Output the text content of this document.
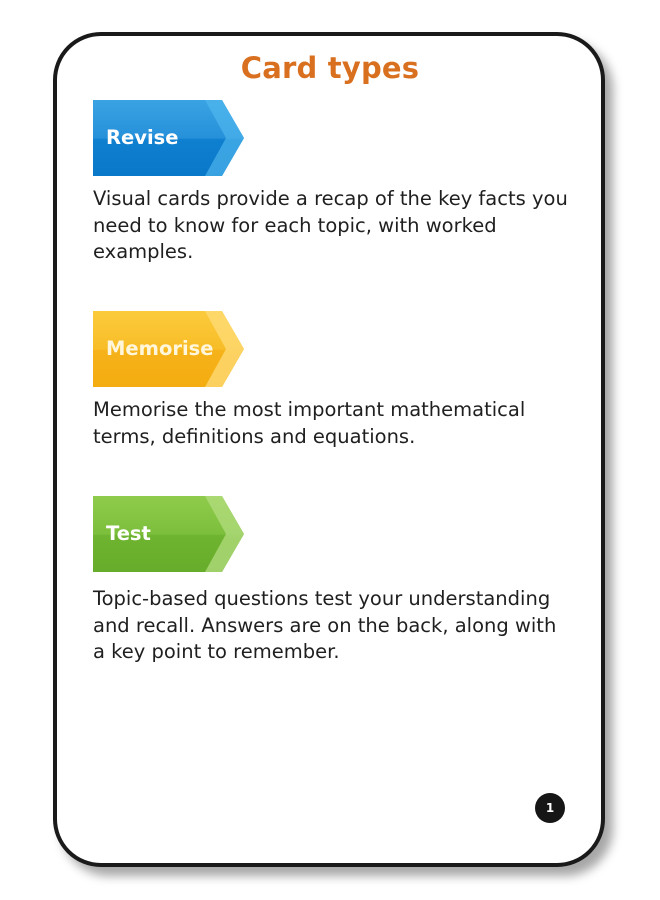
Card types
Revise
Visual cards provide a recap of the key facts you need to know for each topic, with worked examples.
Memorise
Memorise the most important mathematical terms, definitions and equations.
Test
Topic-based questions test your understanding and recall. Answers are on the back, along with a key point to remember.
1
